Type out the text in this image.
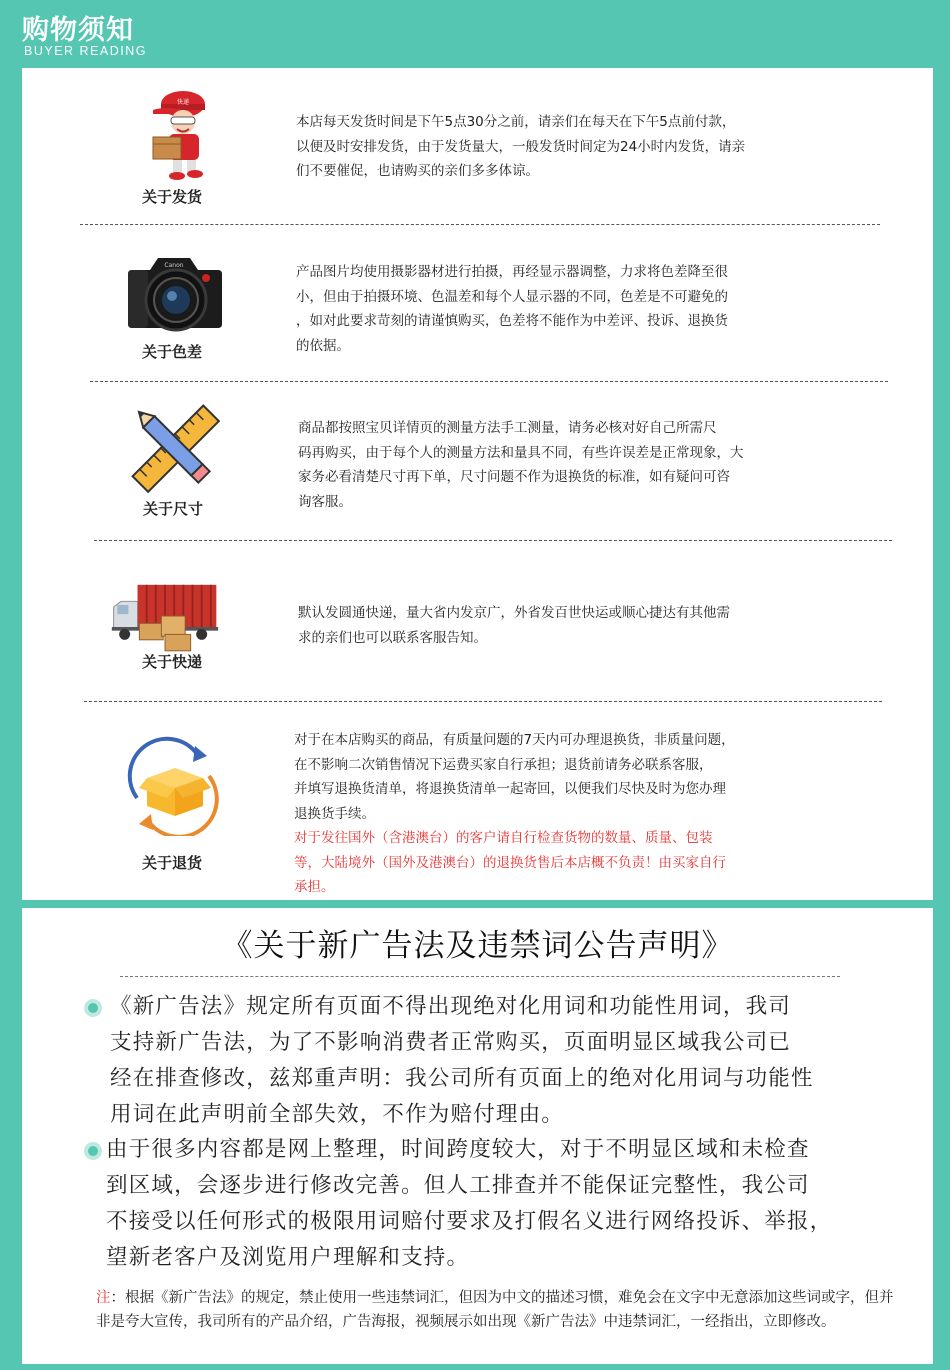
购物须知
BUYER READING
快递
关于发货
本店每天发货时间是下午5点30分之前，请亲们在每天在下午5点前付款，
以便及时安排发货，由于发货量大，一般发货时间定为24小时内发货，请亲
们不要催促，也请购买的亲们多多体谅。
Canon
关于色差
产品图片均使用摄影器材进行拍摄，再经显示器调整，力求将色差降至很
小，但由于拍摄环境、色温差和每个人显示器的不同，色差是不可避免的
，如对此要求苛刻的请谨慎购买，色差将不能作为中差评、投诉、退换货
的依据。
关于尺寸
商品都按照宝贝详情页的测量方法手工测量，请务必核对好自己所需尺
码再购买，由于每个人的测量方法和量具不同，有些许误差是正常现象，大
家务必看清楚尺寸再下单，尺寸问题不作为退换货的标准，如有疑问可咨
询客服。
关于快递
默认发圆通快递，量大省内发京广，外省发百世快运或顺心捷达有其他需
求的亲们也可以联系客服告知。
关于退货
对于在本店购买的商品，有质量问题的7天内可办理退换货，非质量问题，
在不影响二次销售情况下运费买家自行承担；退货前请务必联系客服，
并填写退换货清单，将退换货清单一起寄回，以便我们尽快及时为您办理
退换货手续。
对于发往国外（含港澳台）的客户请自行检查货物的数量、质量、包装
等，大陆境外（国外及港澳台）的退换货售后本店概不负责！由买家自行
承担。
《关于新广告法及违禁词公告声明》
《新广告法》规定所有页面不得出现绝对化用词和功能性用词，我司
支持新广告法，为了不影响消费者正常购买，页面明显区域我公司已
经在排查修改，兹郑重声明：我公司所有页面上的绝对化用词与功能性
用词在此声明前全部失效，不作为赔付理由。
由于很多内容都是网上整理，时间跨度较大，对于不明显区域和未检查
到区域，会逐步进行修改完善。但人工排查并不能保证完整性，我公司
不接受以任何形式的极限用词赔付要求及打假名义进行网络投诉、举报，
望新老客户及浏览用户理解和支持。
注：根据《新广告法》的规定，禁止使用一些违禁词汇，但因为中文的描述习惯，难免会在文字中无意添加这些词或字，但并非是夸大宣传，我司所有的产品介绍，广告海报，视频展示如出现《新广告法》中违禁词汇，一经指出，立即修改。
